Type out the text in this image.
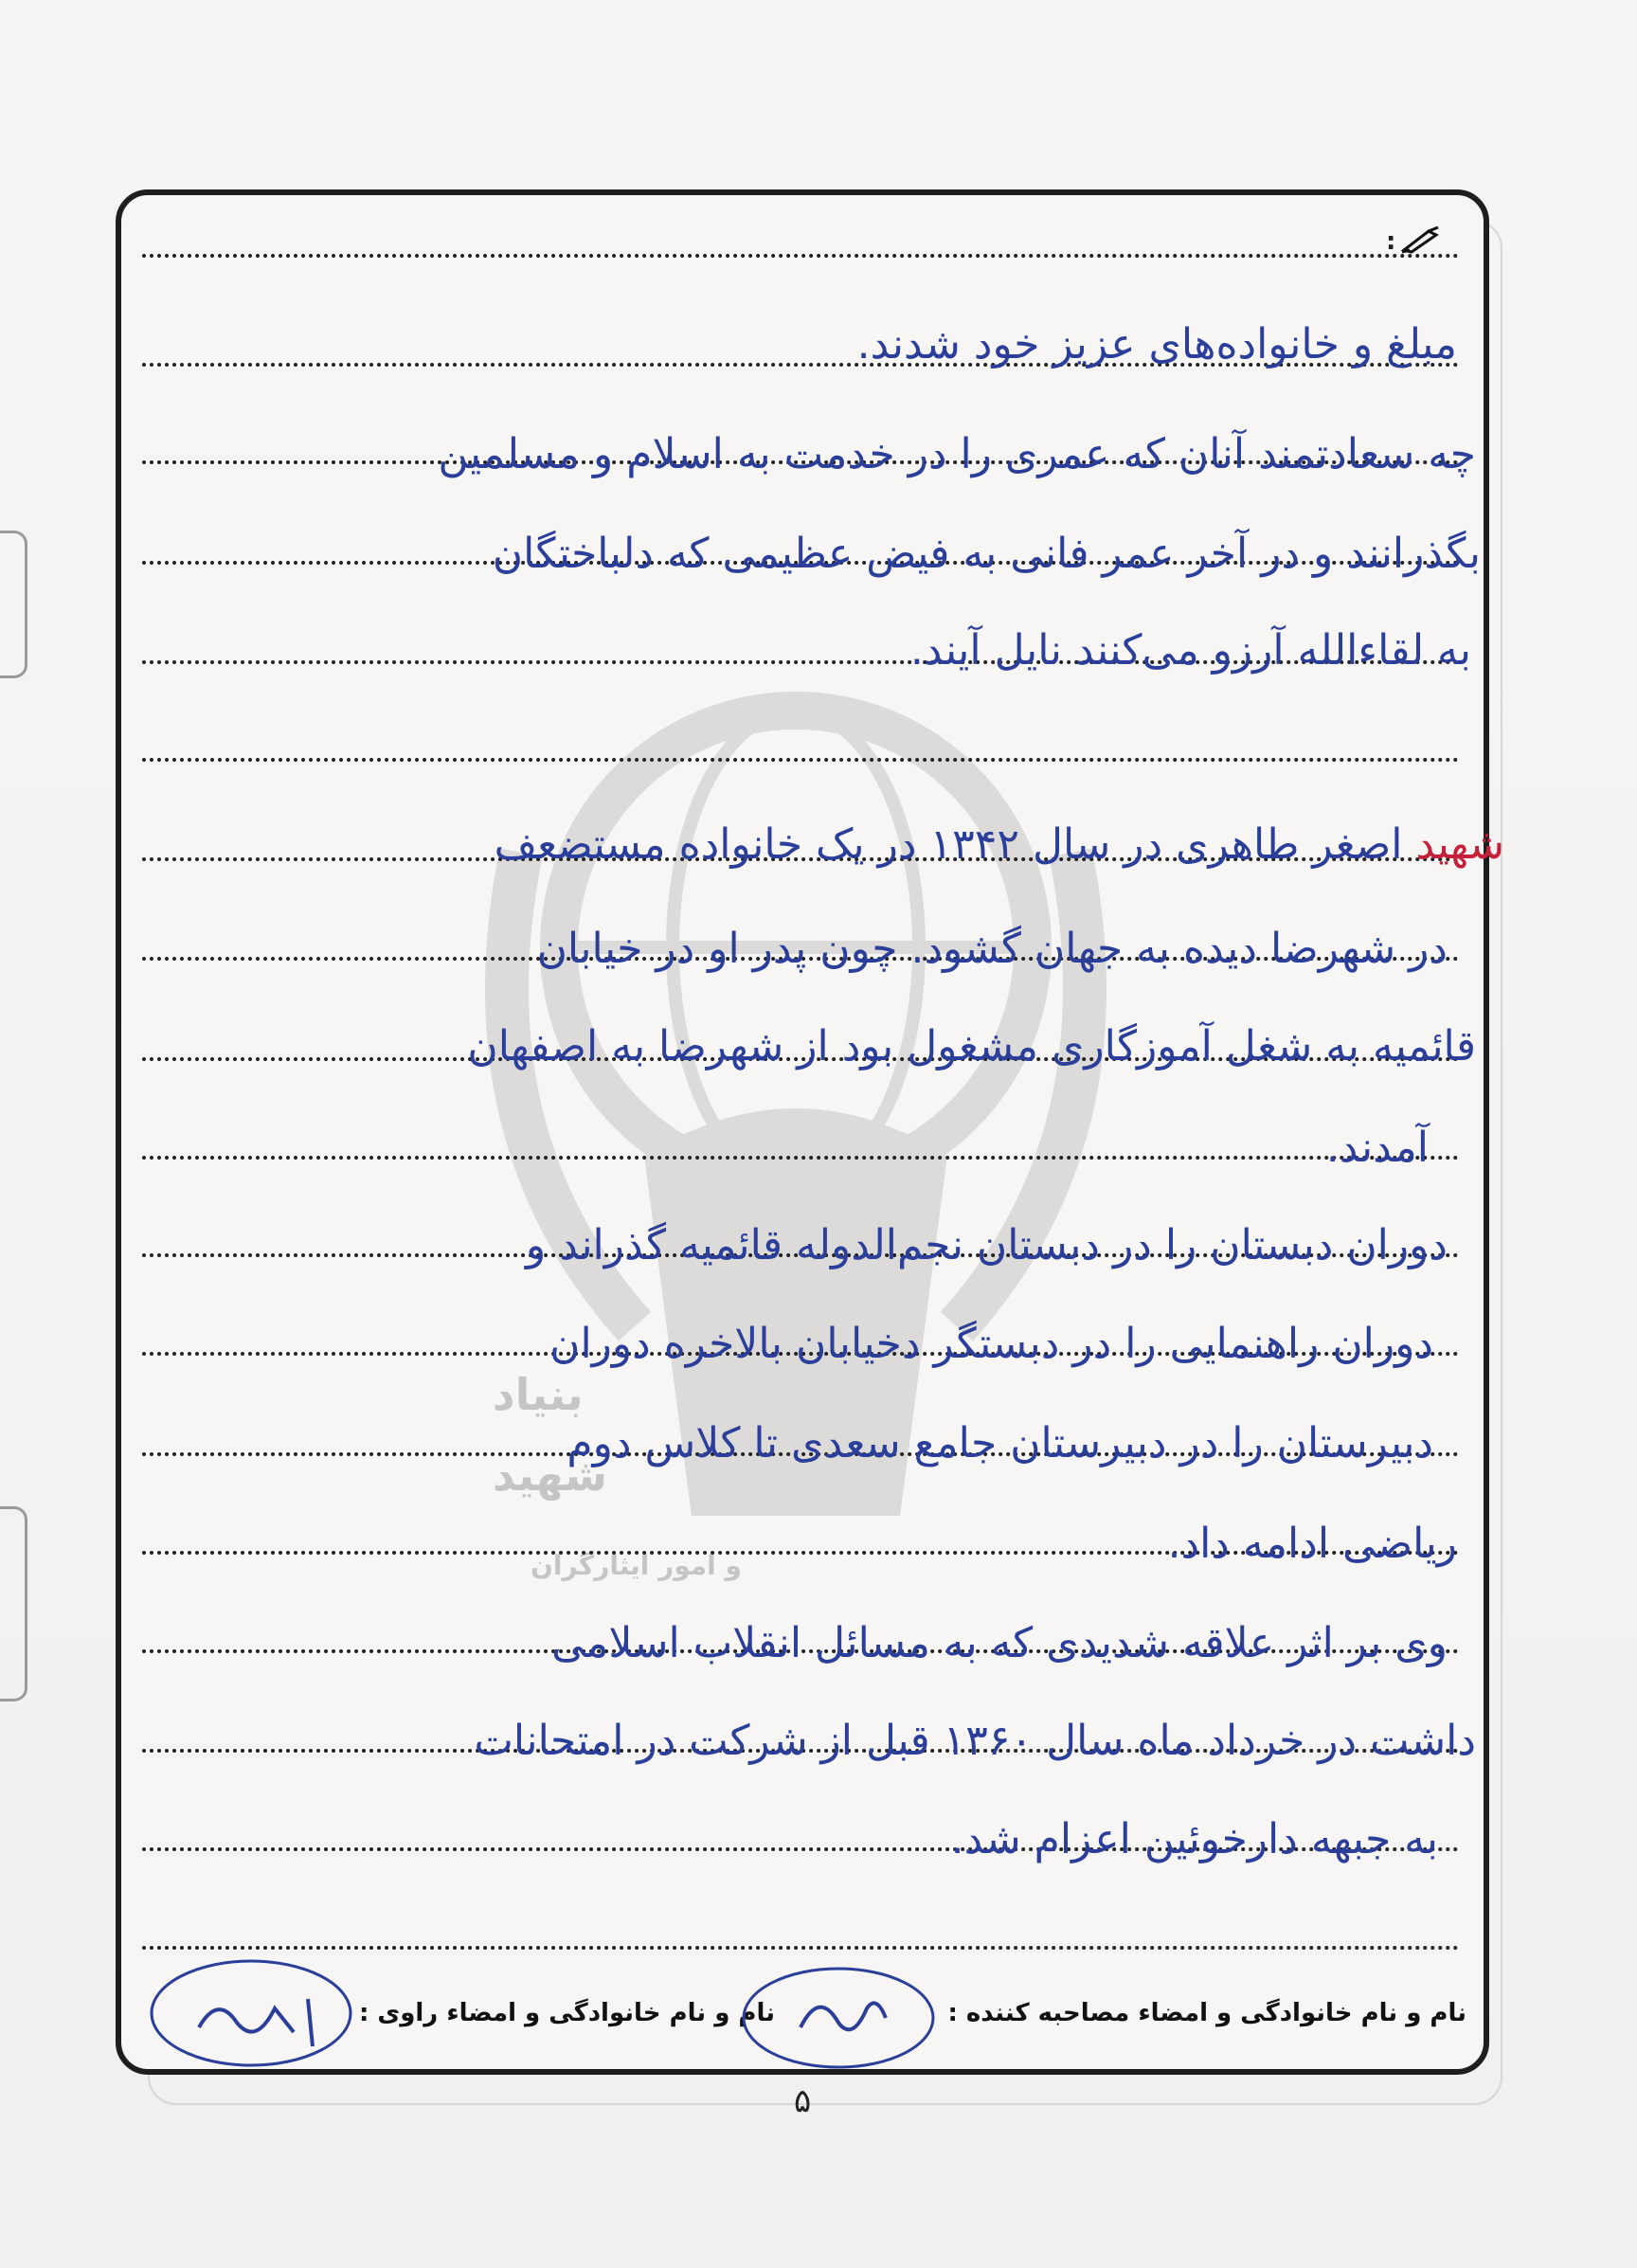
بنیاد
شهید
و امور ایثارگران
:
مبلغ و خانواده‌های عزیز خود شدند.
چه سعادتمند آنان که عمری را در خدمت به اسلام و مسلمین
بگذرانند و در آخر عمر فانی به فیض عظیمی که دلباختگان
به لقاءالله آرزو می‌کنند نایل آیند.
شهید اصغر طاهری در سال ۱۳۴۲ در یک خانواده مستضعف
در شهرضا دیده به جهان گشود. چون پدر او در خیابان
قائمیه به شغل آموزگاری مشغول بود از شهرضا به اصفهان
آمدند.
دوران دبستان را در دبستان نجم‌الدوله قائمیه گذراند و
دوران راهنمایی را در دبستگر دخیابان بالاخره دوران
دبیرستان را در دبیرستان جامع سعدی تا کلاس دوم
ریاضی ادامه داد.
وی بر اثر علاقه شدیدی که به مسائل انقلاب اسلامی
داشت در خرداد ماه سال ۱۳۶۰ قبل از شرکت در امتحانات
به جبهه دارخوئین اعزام شد.
نام و نام خانوادگی و امضاء مصاحبه کننده :
نام و نام خانوادگی و امضاء راوی :
۵
